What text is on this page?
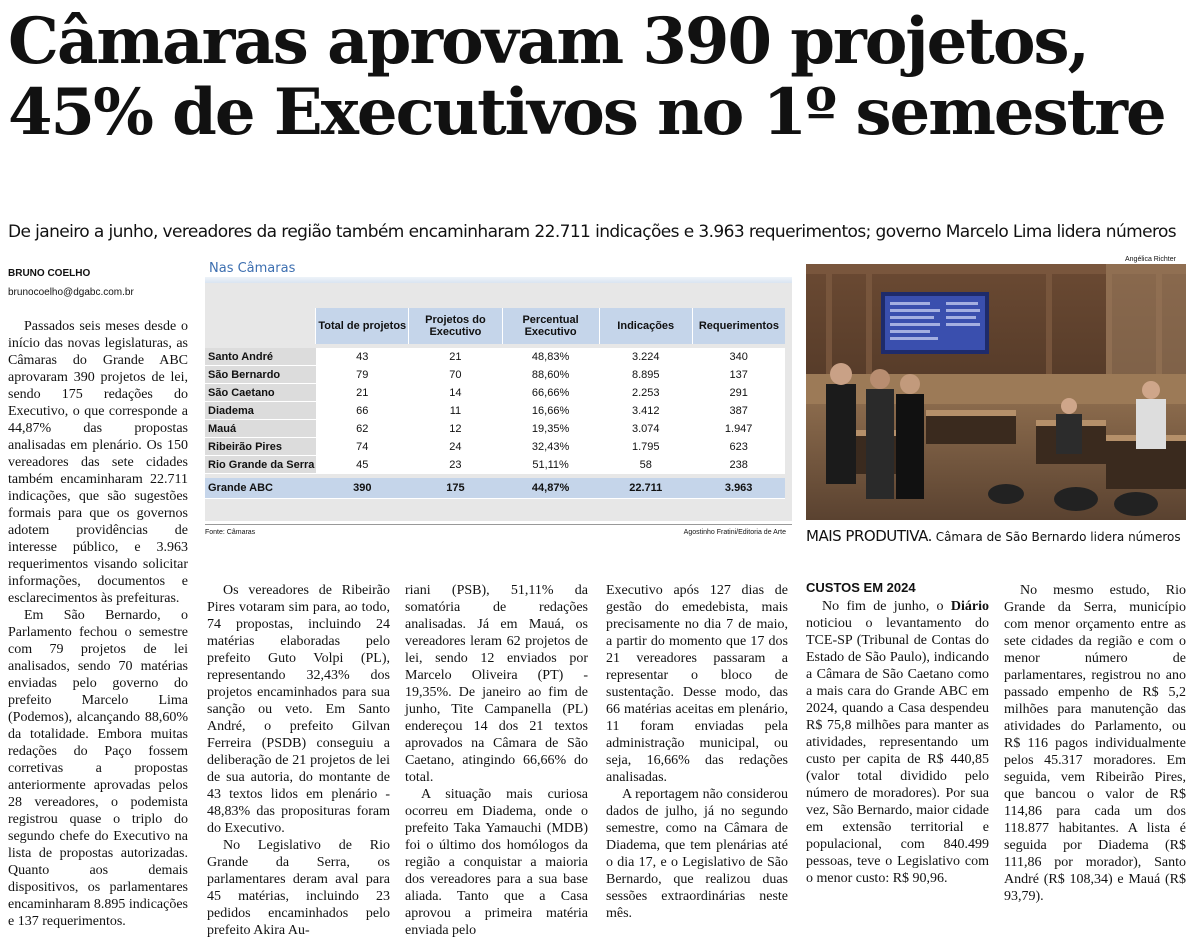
Câmaras aprovam 390 projetos,
45% de Executivos no 1º semestre
De janeiro a junho, vereadores da região também encaminharam 22.711 indicações e 3.963 requerimentos; governo Marcelo Lima lidera números
BRUNO COELHO
brunocoelho@dgabc.com.br
Nas Câmaras
	Total de projetos	Projetos do Executivo	Percentual Executivo	Indicações	Requerimentos

Santo André	43	21	48,83%	3.224	340
São Bernardo	79	70	88,60%	8.895	137
São Caetano	21	14	66,66%	2.253	291
Diadema	66	11	16,66%	3.412	387
Mauá	62	12	19,35%	3.074	1.947
Ribeirão Pires	74	24	32,43%	1.795	623
Rio Grande da Serra	45	23	51,11%	58	238

Grande ABC	390	175	44,87%	22.711	3.963
Fonte: Câmaras	Agostinho Fratini/Editoria de Arte
Angélica Richter
MAIS PRODUTIVA. Câmara de São Bernardo lidera números

Passados seis meses desde o início das novas legislaturas, as Câmaras do Grande ABC aprovaram 390 projetos de lei, sendo 175 redações do Executivo, o que corresponde a 44,87% das propostas analisadas em plenário. Os 150 vereadores das sete cidades também encaminharam 22.711 indicações, que são sugestões formais para que os governos adotem providências de interesse público, e 3.963 requerimentos visando solicitar informações, documentos e esclarecimentos às prefeituras.

Em São Bernardo, o Parlamento fechou o semestre com 79 projetos de lei analisados, sendo 70 matérias enviadas pelo governo do prefeito Marcelo Lima (Podemos), alcançando 88,60% da totalidade. Embora muitas redações do Paço fossem corretivas a propostas anteriormente aprovadas pelos 28 vereadores, o podemista registrou quase o triplo do segundo chefe do Executivo na lista de propostas autorizadas. Quanto aos demais dispositivos, os parlamentares encaminharam 8.895 indicações e 137 requerimentos.

Os vereadores de Ribeirão Pires votaram sim para, ao todo, 74 propostas, incluindo 24 matérias elaboradas pelo prefeito Guto Volpi (PL), representando 32,43% dos projetos encaminhados para sua sanção ou veto. Em Santo André, o prefeito Gilvan Ferreira (PSDB) conseguiu a deliberação de 21 projetos de lei de sua autoria, do montante de 43 textos lidos em plenário - 48,83% das proposituras foram do Executivo.

No Legislativo de Rio Grande da Serra, os parlamentares deram aval para 45 matérias, incluindo 23 pedidos encaminhados pelo prefeito Akira Au-

riani (PSB), 51,11% da somatória de redações analisadas. Já em Mauá, os vereadores leram 62 projetos de lei, sendo 12 enviados por Marcelo Oliveira (PT) - 19,35%. De janeiro ao fim de junho, Tite Campanella (PL) endereçou 14 dos 21 textos aprovados na Câmara de São Caetano, atingindo 66,66% do total.

A situação mais curiosa ocorreu em Diadema, onde o prefeito Taka Yamauchi (MDB) foi o último dos homólogos da região a conquistar a maioria dos vereadores para a sua base aliada. Tanto que a Casa aprovou a primeira matéria enviada pelo

Executivo após 127 dias de gestão do emedebista, mais precisamente no dia 7 de maio, a partir do momento que 17 dos 21 vereadores passaram a representar o bloco de sustentação. Desse modo, das 66 matérias aceitas em plenário, 11 foram enviadas pela administração municipal, ou seja, 16,66% das redações analisadas.

A reportagem não considerou dados de julho, já no segundo semestre, como na Câmara de Diadema, que tem plenárias até o dia 17, e o Legislativo de São Bernardo, que realizou duas sessões extraordinárias neste mês.

CUSTOS EM 2024

No fim de junho, o Diário noticiou o levantamento do TCE-SP (Tribunal de Contas do Estado de São Paulo), indicando a Câmara de São Caetano como a mais cara do Grande ABC em 2024, quando a Casa despendeu R$ 75,8 milhões para manter as atividades, representando um custo per capita de R$ 440,85 (valor total dividido pelo número de moradores). Por sua vez, São Bernardo, maior cidade em extensão territorial e populacional, com 840.499 pessoas, teve o Legislativo com o menor custo: R$ 90,96.

No mesmo estudo, Rio Grande da Serra, município com menor orçamento entre as sete cidades da região e com o menor número de parlamentares, registrou no ano passado empenho de R$ 5,2 milhões para manutenção das atividades do Parlamento, ou R$ 116 pagos individualmente pelos 45.317 moradores. Em seguida, vem Ribeirão Pires, que bancou o valor de R$ 114,86 para cada um dos 118.877 habitantes. A lista é seguida por Diadema (R$ 111,86 por morador), Santo André (R$ 108,34) e Mauá (R$ 93,79).
